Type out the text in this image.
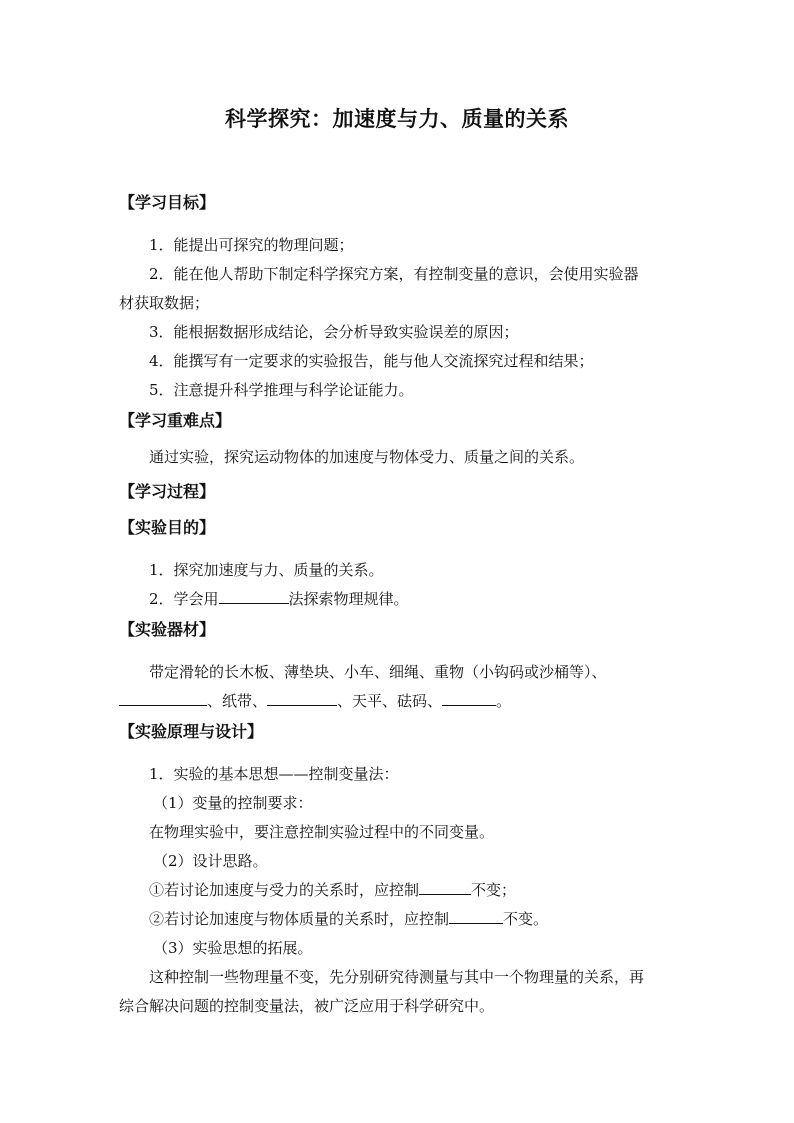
科学探究：加速度与力、质量的关系
【学习目标】
1．能提出可探究的物理问题；
2．能在他人帮助下制定科学探究方案，有控制变量的意识，会使用实验器
材获取数据；
3．能根据数据形成结论，会分析导致实验误差的原因；
4．能撰写有一定要求的实验报告，能与他人交流探究过程和结果；
5．注意提升科学推理与科学论证能力。
【学习重难点】
通过实验，探究运动物体的加速度与物体受力、质量之间的关系。
【学习过程】
【实验目的】
1．探究加速度与力、质量的关系。
2．学会用	法探索物理规律。
【实验器材】
带定滑轮的长木板、薄垫块、小车、细绳、重物（小钩码或沙桶等）、
、纸带、	、天平、砝码、	。
【实验原理与设计】
1．实验的基本思想——控制变量法：
（1）变量的控制要求：
在物理实验中，要注意控制实验过程中的不同变量。
（2）设计思路。
①若讨论加速度与受力的关系时，应控制	不变；
②若讨论加速度与物体质量的关系时，应控制	不变。
（3）实验思想的拓展。
这种控制一些物理量不变，先分别研究待测量与其中一个物理量的关系，再
综合解决问题的控制变量法，被广泛应用于科学研究中。
